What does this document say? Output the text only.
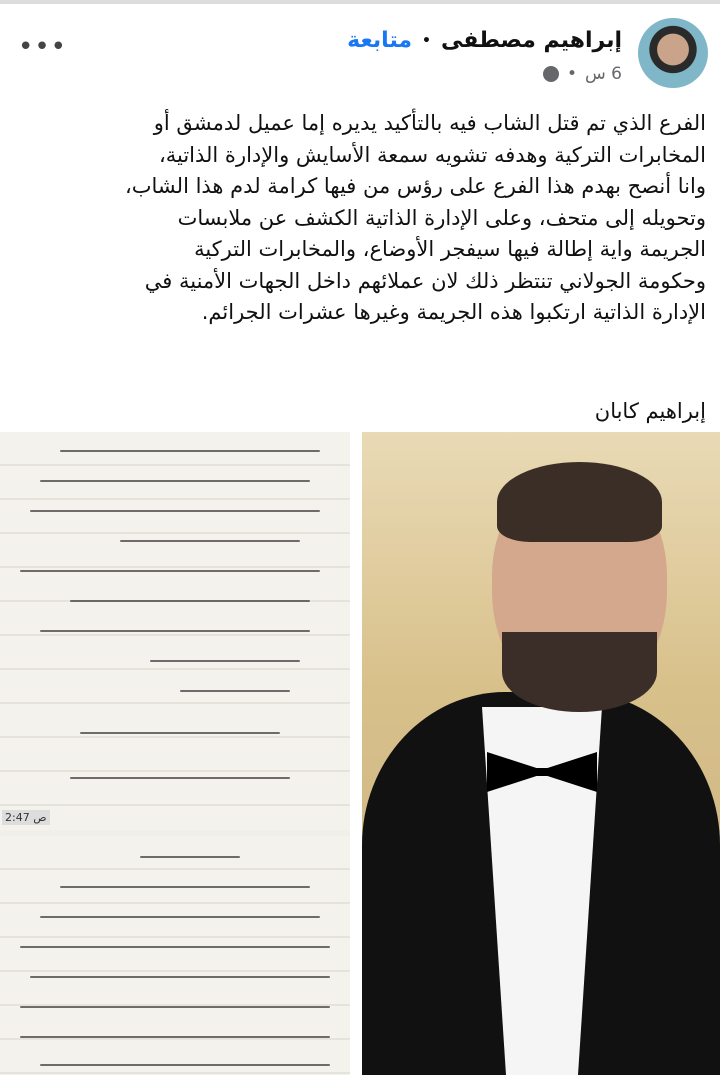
إبراهيم مصطفى
•
متابعة
6 س
•
•••
الفرع الذي تم قتل الشاب فيه بالتأكيد يديره إما عميل لدمشق أو
المخابرات التركية وهدفه تشويه سمعة الأسايش والإدارة الذاتية،
وانا أنصح بهدم هذا الفرع على رؤس من فيها كرامة لدم هذا الشاب،
وتحويله إلى متحف، وعلى الإدارة الذاتية الكشف عن ملابسات
الجريمة واية إطالة فيها سيفجر الأوضاع، والمخابرات التركية
وحكومة الجولاني تنتظر ذلك لان عملائهم داخل الجهات الأمنية في
الإدارة الذاتية ارتكبوا هذه الجريمة وغيرها عشرات الجرائم.
إبراهيم كابان
2:47 ص
